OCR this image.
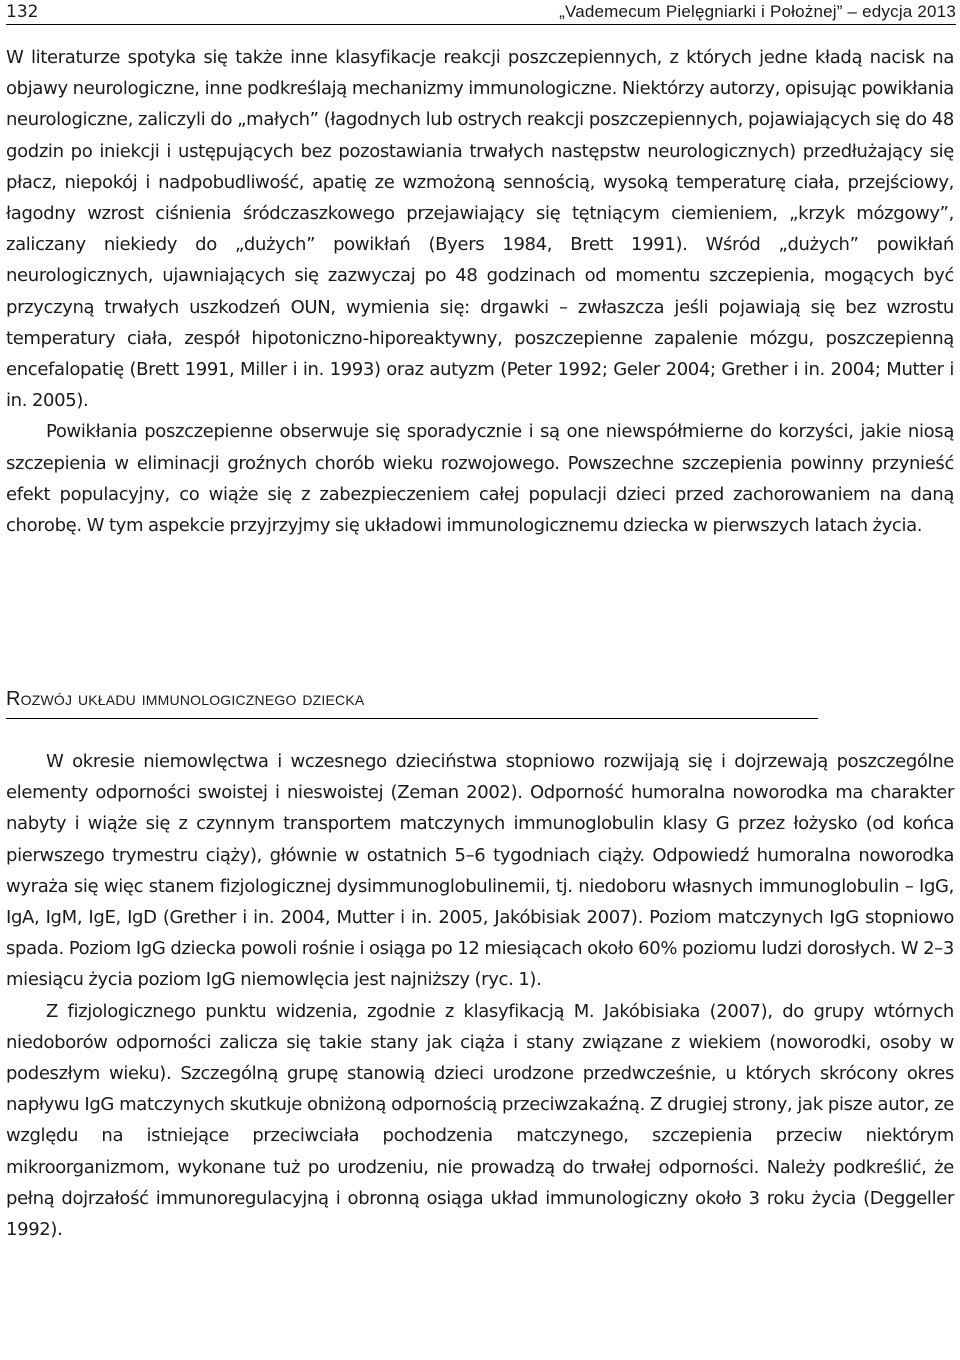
132	„Vademecum Pielęgniarki i Położnej” – edycja 2013

W literaturze spotyka się także inne klasyfikacje reakcji poszczepiennych, z których jedne kładą nacisk na objawy neurologiczne, inne podkreślają mechanizmy immunologiczne. Niektórzy autorzy, opisując powikłania neurologiczne, zaliczyli do „małych” (łagodnych lub ostrych reakcji poszczepiennych, pojawiających się do 48 godzin po iniekcji i ustępujących bez pozostawiania trwałych następstw neurologicznych) przedłużający się płacz, niepokój i nadpobudliwość, apatię ze wzmożoną sennością, wysoką temperaturę ciała, przejściowy, łagodny wzrost ciśnienia śródczaszkowego przejawiający się tętniącym ciemieniem, „krzyk mózgowy”, zaliczany niekiedy do „dużych” powikłań (Byers 1984, Brett 1991). Wśród „dużych” powikłań neurologicznych, ujawniających się zazwyczaj po 48 godzinach od momentu szczepienia, mogących być przyczyną trwałych uszkodzeń OUN, wymienia się: drgawki – zwłaszcza jeśli pojawiają się bez wzrostu temperatury ciała, zespół hipotoniczno-hiporeaktywny, poszczepienne zapalenie mózgu, poszczepienną encefalopatię (Brett 1991, Miller i in. 1993) oraz autyzm (Peter 1992; Geler 2004; Grether i in. 2004; Mutter i in. 2005).

Powikłania poszczepienne obserwuje się sporadycznie i są one niewspółmierne do korzyści, jakie niosą szczepienia w eliminacji groźnych chorób wieku rozwojowego. Powszechne szczepienia powinny przynieść efekt populacyjny, co wiąże się z zabezpieczeniem całej populacji dzieci przed zachorowaniem na daną chorobę. W tym aspekcie przyjrzyjmy się układowi immunologicznemu dziecka w pierwszych latach życia.

Rozwój układu immunologicznego dziecka

W okresie niemowlęctwa i wczesnego dzieciństwa stopniowo rozwijają się i dojrzewają poszczególne elementy odporności swoistej i nieswoistej (Zeman 2002). Odporność humoralna noworodka ma charakter nabyty i wiąże się z czynnym transportem matczynych immunoglobulin klasy G przez łożysko (od końca pierwszego trymestru ciąży), głównie w ostatnich 5–6 tygodniach ciąży. Odpowiedź humoralna noworodka wyraża się więc stanem fizjologicznej dysimmunoglobulinemii, tj. niedoboru własnych immunoglobulin – IgG, IgA, IgM, IgE, IgD (Grether i in. 2004, Mutter i in. 2005, Jakóbisiak 2007). Poziom matczynych IgG stopniowo spada. Poziom IgG dziecka powoli rośnie i osiąga po 12 miesiącach około 60% poziomu ludzi dorosłych. W 2–3 miesiącu życia poziom IgG niemowlęcia jest najniższy (ryc. 1).

Z fizjologicznego punktu widzenia, zgodnie z klasyfikacją M. Jakóbisiaka (2007), do grupy wtórnych niedoborów odporności zalicza się takie stany jak ciąża i stany związane z wiekiem (noworodki, osoby w podeszłym wieku). Szczególną grupę stanowią dzieci urodzone przedwcześnie, u których skrócony okres napływu IgG matczynych skutkuje obniżoną odpornością przeciwzakaźną. Z drugiej strony, jak pisze autor, ze względu na istniejące przeciwciała pochodzenia matczynego, szczepienia przeciw niektórym mikroorganizmom, wykonane tuż po urodzeniu, nie prowadzą do trwałej odporności. Należy podkreślić, że pełną dojrzałość immunoregulacyjną i obronną osiąga układ immunologiczny około 3 roku życia (Deggeller 1992).
